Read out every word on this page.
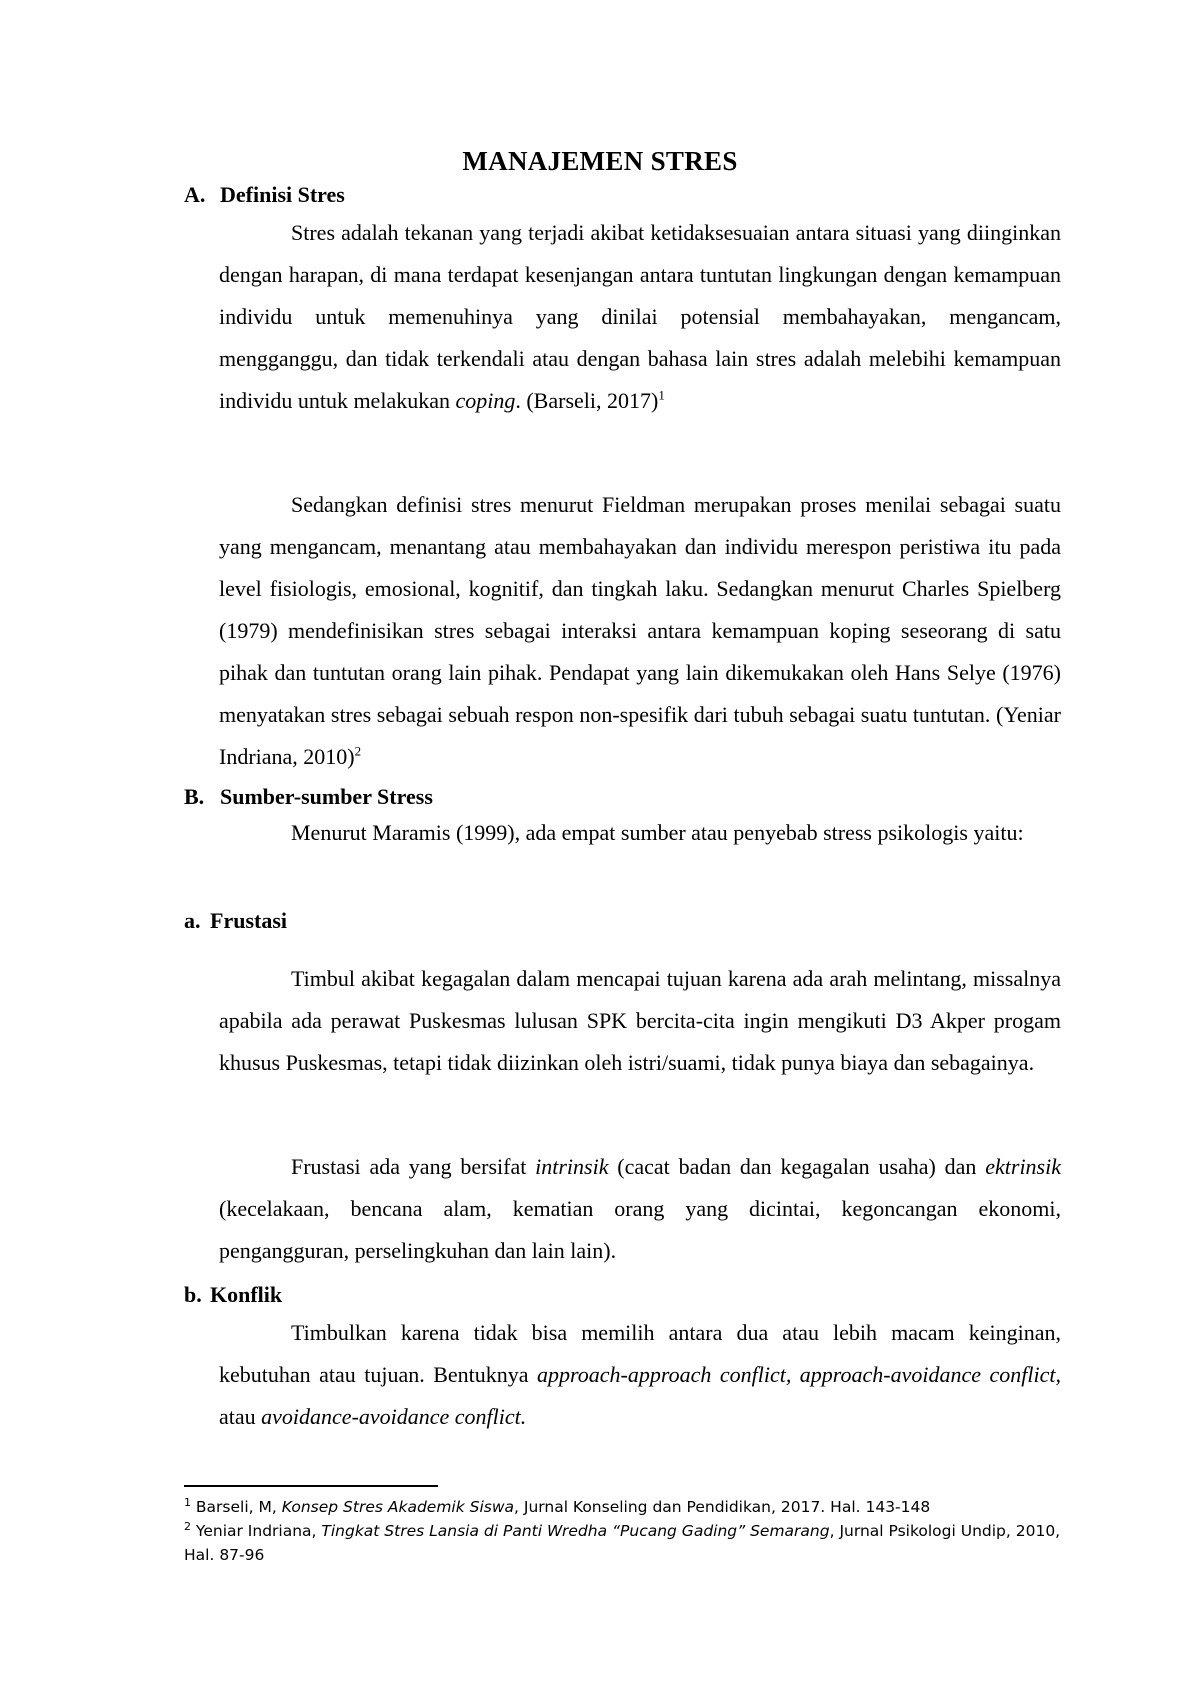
MANAJEMEN STRES
A. Definisi Stres

Stres adalah tekanan yang terjadi akibat ketidaksesuaian antara situasi yang diinginkan dengan harapan, di mana terdapat kesenjangan antara tuntutan lingkungan dengan kemampuan individu untuk memenuhinya yang dinilai potensial membahayakan, mengancam, mengganggu, dan tidak terkendali atau dengan bahasa lain stres adalah melebihi kemampuan individu untuk melakukan coping. (Barseli, 2017)$^1$

Sedangkan definisi stres menurut Fieldman merupakan proses menilai sebagai suatu yang mengancam, menantang atau membahayakan dan individu merespon peristiwa itu pada level fisiologis, emosional, kognitif, dan tingkah laku. Sedangkan menurut Charles Spielberg (1979) mendefinisikan stres sebagai interaksi antara kemampuan koping seseorang di satu pihak dan tuntutan orang lain pihak. Pendapat yang lain dikemukakan oleh Hans Selye (1976) menyatakan stres sebagai sebuah respon non-spesifik dari tubuh sebagai suatu tuntutan. (Yeniar Indriana, 2010)$^2$

B. Sumber-sumber Stress

Menurut Maramis (1999), ada empat sumber atau penyebab stress psikologis yaitu:

a. Frustasi

Timbul akibat kegagalan dalam mencapai tujuan karena ada arah melintang, missalnya apabila ada perawat Puskesmas lulusan SPK bercita-cita ingin mengikuti D3 Akper progam khusus Puskesmas, tetapi tidak diizinkan oleh istri/suami, tidak punya biaya dan sebagainya.

Frustasi ada yang bersifat intrinsik (cacat badan dan kegagalan usaha) dan ektrinsik (kecelakaan, bencana alam, kematian orang yang dicintai, kegoncangan ekonomi, pengangguran, perselingkuhan dan lain lain).

b. Konflik

Timbulkan karena tidak bisa memilih antara dua atau lebih macam keinginan, kebutuhan atau tujuan. Bentuknya approach-approach conflict, approach-avoidance conflict, atau avoidance-avoidance conflict.

$^1$ Barseli, M, Konsep Stres Akademik Siswa, Jurnal Konseling dan Pendidikan, 2017. Hal. 143-148

$^2$ Yeniar Indriana, Tingkat Stres Lansia di Panti Wredha “Pucang Gading” Semarang, Jurnal Psikologi Undip, 2010, Hal. 87-96
